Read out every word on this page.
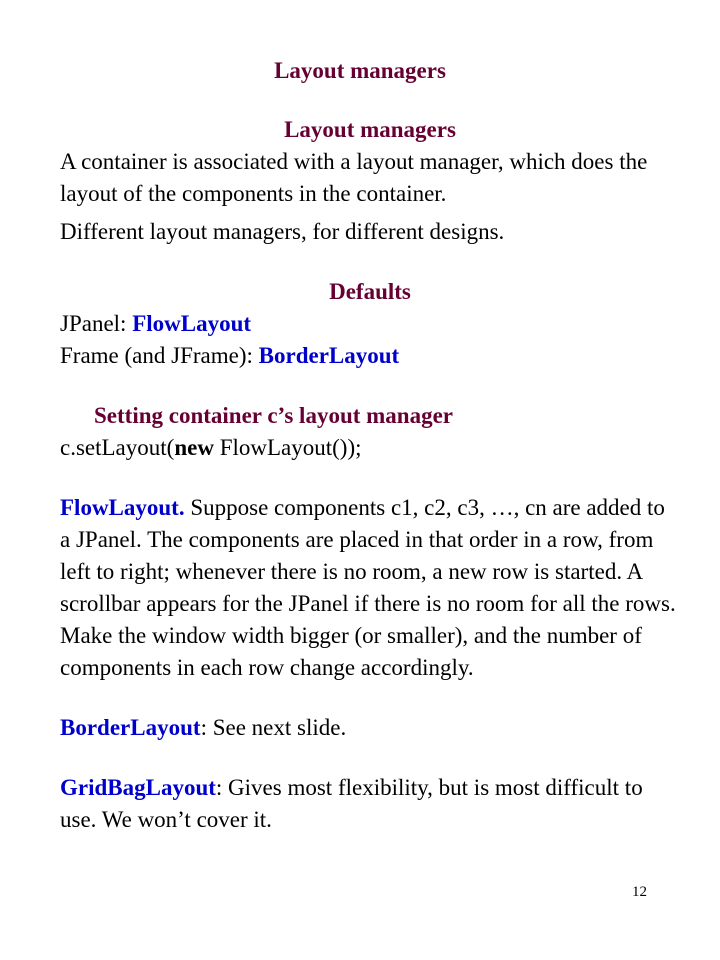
Layout managers
Layout managers

A container is associated with a layout manager, which does the layout of the components in the container.

Different layout managers, for different designs.

Defaults

JPanel: FlowLayout

Frame (and JFrame): BorderLayout

Setting container c’s layout manager

c.setLayout(new FlowLayout());

FlowLayout. Suppose components c1, c2, c3, …, cn are added to a JPanel. The components are placed in that order in a row, from left to right; whenever there is no room, a new row is started. A scrollbar appears for the JPanel if there is no room for all the rows. Make the window width bigger (or smaller), and the number of components in each row change accordingly.

BorderLayout: See next slide.

GridBagLayout: Gives most flexibility, but is most difficult to use. We won’t cover it.

12
